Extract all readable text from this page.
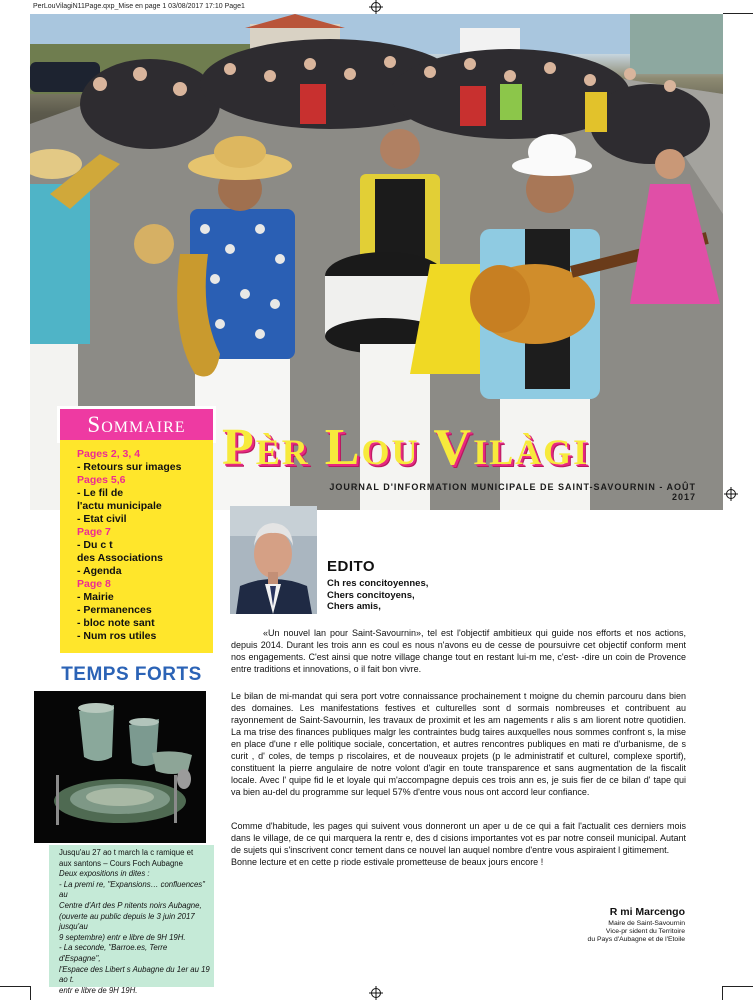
PerLouVilagiN11Page.qxp_Mise en page 1 03/08/2017 17:10 Page1
Pèr Lou Vilàgi
JOURNAL D'INFORMATION MUNICIPALE DE SAINT-SAVOURNIN - AOÛT 2017
Sommaire
Pages 2, 3, 4
- Retours sur images
Pages 5,6
- Le fil de
l'actu municipale
- Etat civil
Page 7
- Du c t
des Associations
- Agenda
Page 8
- Mairie
- Permanences
- bloc note sant
- Num ros utiles
TEMPS FORTS
Jusqu'au 27 ao t march la c ramique et
aux santons – Cours Foch Aubagne
Deux expositions in dites :
- La premi re, "Expansions… confluences" au
Centre d'Art des P nitents noirs Aubagne,
(ouverte au public depuis le 3 juin 2017 jusqu'au
9 septembre) entr e libre de 9H 19H.
- La seconde, "Barroe.es, Terre d'Espagne",
l'Espace des Libert s Aubagne du 1er au 19 ao t.
entr e libre de 9H 19H.
EDITO
Ch res concitoyennes,
Chers concitoyens,
Chers amis,
«Un nouvel lan pour Saint-Savournin», tel est l'objectif ambitieux qui guide nos efforts et nos actions, depuis 2014. Durant les trois ann es coul es nous n'avons eu de cesse de poursuivre cet objectif conform ment nos engagements. C'est ainsi que notre village change tout en restant lui-m me, c'est- -dire un coin de Provence entre traditions et innovations, o il fait bon vivre.
Le bilan de mi-mandat qui sera port votre connaissance prochainement t moigne du chemin parcouru dans bien des domaines. Les manifestations festives et culturelles sont d sormais nombreuses et contribuent au rayonnement de Saint-Savournin, les travaux de proximit et les am nagements r alis s am liorent notre quotidien. La ma trise des finances publiques malgr les contraintes budg taires auxquelles nous sommes confront s, la mise en place d'une r elle politique sociale, concertation, et autres rencontres publiques en mati re d'urbanisme, de s curit , d' coles, de temps p riscolaires, et de nouveaux projets (p le administratif et culturel, complexe sportif), constituent la pierre angulaire de notre volont d'agir en toute transparence et sans augmentation de la fiscalit locale. Avec l' quipe fid le et loyale qui m'accompagne depuis ces trois ann es, je suis fier de ce bilan d' tape qui va bien au-del du programme sur lequel 57% d'entre vous nous ont accord leur confiance.
Comme d'habitude, les pages qui suivent vous donneront un aper u de ce qui a fait l'actualit ces derniers mois dans le village, de ce qui marquera la rentr e, des d cisions importantes vot es par notre conseil municipal. Autant de sujets qui s'inscrivent concr tement dans ce nouvel lan auquel nombre d'entre vous aspiraient l gitimement.
Bonne lecture et en cette p riode estivale prometteuse de beaux jours encore !
R mi Marcengo
Maire de Saint-Savournin
Vice-pr sident du Territoire
du Pays d'Aubagne et de l'Etoile
